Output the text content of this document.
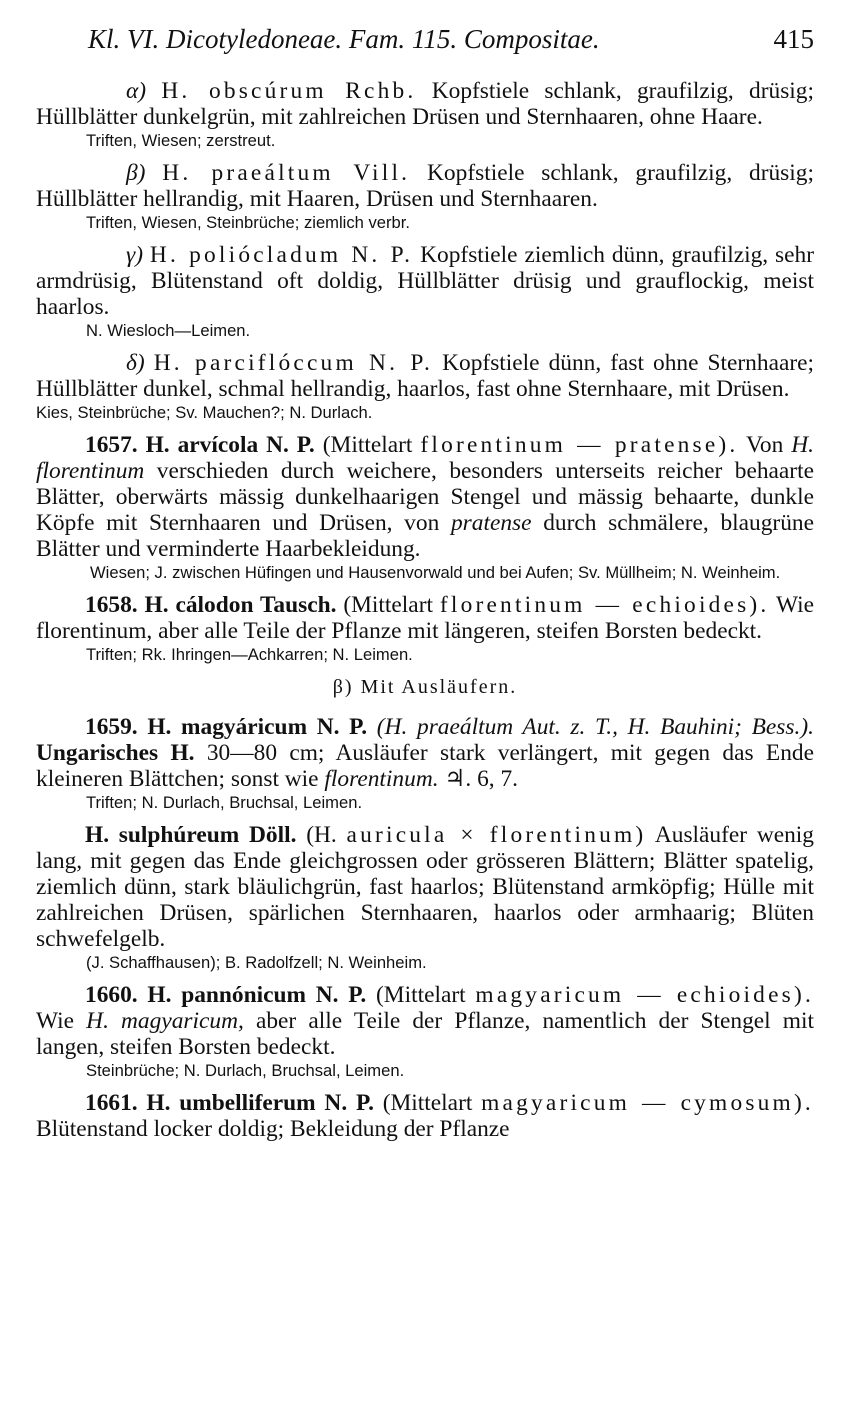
Kl. VI. Dicotyledoneae. Fam. 115. Compositae.	415

α) H. obscúrum Rchb. Kopfstiele schlank, graufilzig, drüsig; Hüllblätter dunkelgrün, mit zahlreichen Drüsen und Sternhaaren, ohne Haare.

Triften, Wiesen; zerstreut.

β) H. praeáltum Vill. Kopfstiele schlank, graufilzig, drüsig; Hüllblätter hellrandig, mit Haaren, Drüsen und Sternhaaren.

Triften, Wiesen, Steinbrüche; ziemlich verbr.

γ) H. poliócladum N. P. Kopfstiele ziemlich dünn, graufilzig, sehr armdrüsig, Blütenstand oft doldig, Hüllblätter drüsig und grauflockig, meist haarlos.

N. Wiesloch—Leimen.

δ) H. parciflóccum N. P. Kopfstiele dünn, fast ohne Sternhaare; Hüllblätter dunkel, schmal hellrandig, haarlos, fast ohne Sternhaare, mit Drüsen.

Kies, Steinbrüche; Sv. Mauchen?; N. Durlach.

1657. H. arvícola N. P. (Mittelart florentinum — pratense). Von H. florentinum verschieden durch weichere, besonders unterseits reicher behaarte Blätter, oberwärts mässig dunkelhaarigen Stengel und mässig behaarte, dunkle Köpfe mit Sternhaaren und Drüsen, von pratense durch schmälere, blaugrüne Blätter und verminderte Haarbekleidung.

Wiesen; J. zwischen Hüfingen und Hausenvorwald und bei Aufen; Sv. Müllheim; N. Weinheim.

1658. H. cálodon Tausch. (Mittelart florentinum — echioides). Wie florentinum, aber alle Teile der Pflanze mit längeren, steifen Borsten bedeckt.

Triften; Rk. Ihringen—Achkarren; N. Leimen.
β) Mit Ausläufern.

1659. H. magyáricum N. P. (H. praeáltum Aut. z. T., H. Bauhini; Bess.). Ungarisches H. 30—80 cm; Ausläufer stark verlängert, mit gegen das Ende kleineren Blättchen; sonst wie florentinum. ♃. 6, 7.

Triften; N. Durlach, Bruchsal, Leimen.

H. sulphúreum Döll. (H. auricula × florentinum) Ausläufer wenig lang, mit gegen das Ende gleichgrossen oder grösseren Blättern; Blätter spatelig, ziemlich dünn, stark bläulichgrün, fast haarlos; Blütenstand armköpfig; Hülle mit zahlreichen Drüsen, spärlichen Sternhaaren, haarlos oder armhaarig; Blüten schwefelgelb.

(J. Schaffhausen); B. Radolfzell; N. Weinheim.

1660. H. pannónicum N. P. (Mittelart magyaricum — echioides). Wie H. magyaricum, aber alle Teile der Pflanze, namentlich der Stengel mit langen, steifen Borsten bedeckt.

Steinbrüche; N. Durlach, Bruchsal, Leimen.

1661. H. umbelliferum N. P. (Mittelart magyaricum — cymosum). Blütenstand locker doldig; Bekleidung der Pflanze
